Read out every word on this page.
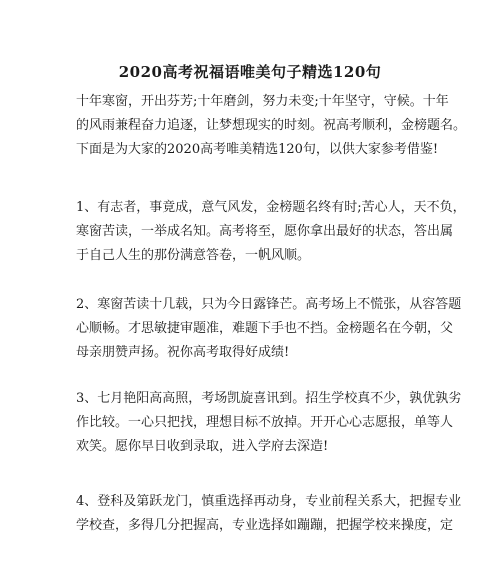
2020高考祝福语唯美句子精选120句
十年寒窗，开出芬芳;十年磨剑，努力未变;十年坚守，守候。十年
的风雨兼程奋力追逐，让梦想现实的时刻。祝高考顺利，金榜题名。
下面是为大家的2020高考唯美精选120句，以供大家参考借鉴!
1、有志者，事竟成，意气风发，金榜题名终有时;苦心人，天不负，
寒窗苦读，一举成名知。高考将至，愿你拿出最好的状态，答出属
于自己人生的那份满意答卷，一帆风顺。
2、寒窗苦读十几载，只为今日露锋芒。高考场上不慌张，从容答题
心顺畅。才思敏捷审题准，难题下手也不挡。金榜题名在今朝，父
母亲朋赞声扬。祝你高考取得好成绩!
3、七月艳阳高高照，考场凯旋喜讯到。招生学校真不少，孰优孰劣
作比较。一心只把找，理想目标不放掉。开开心心志愿报，单等人
欢笑。愿你早日收到录取，进入学府去深造!
4、登科及第跃龙门，慎重选择再动身，专业前程关系大，把握专业
学校查，多得几分把握高，专业选择如蹦蹦，把握学校来操度，定
